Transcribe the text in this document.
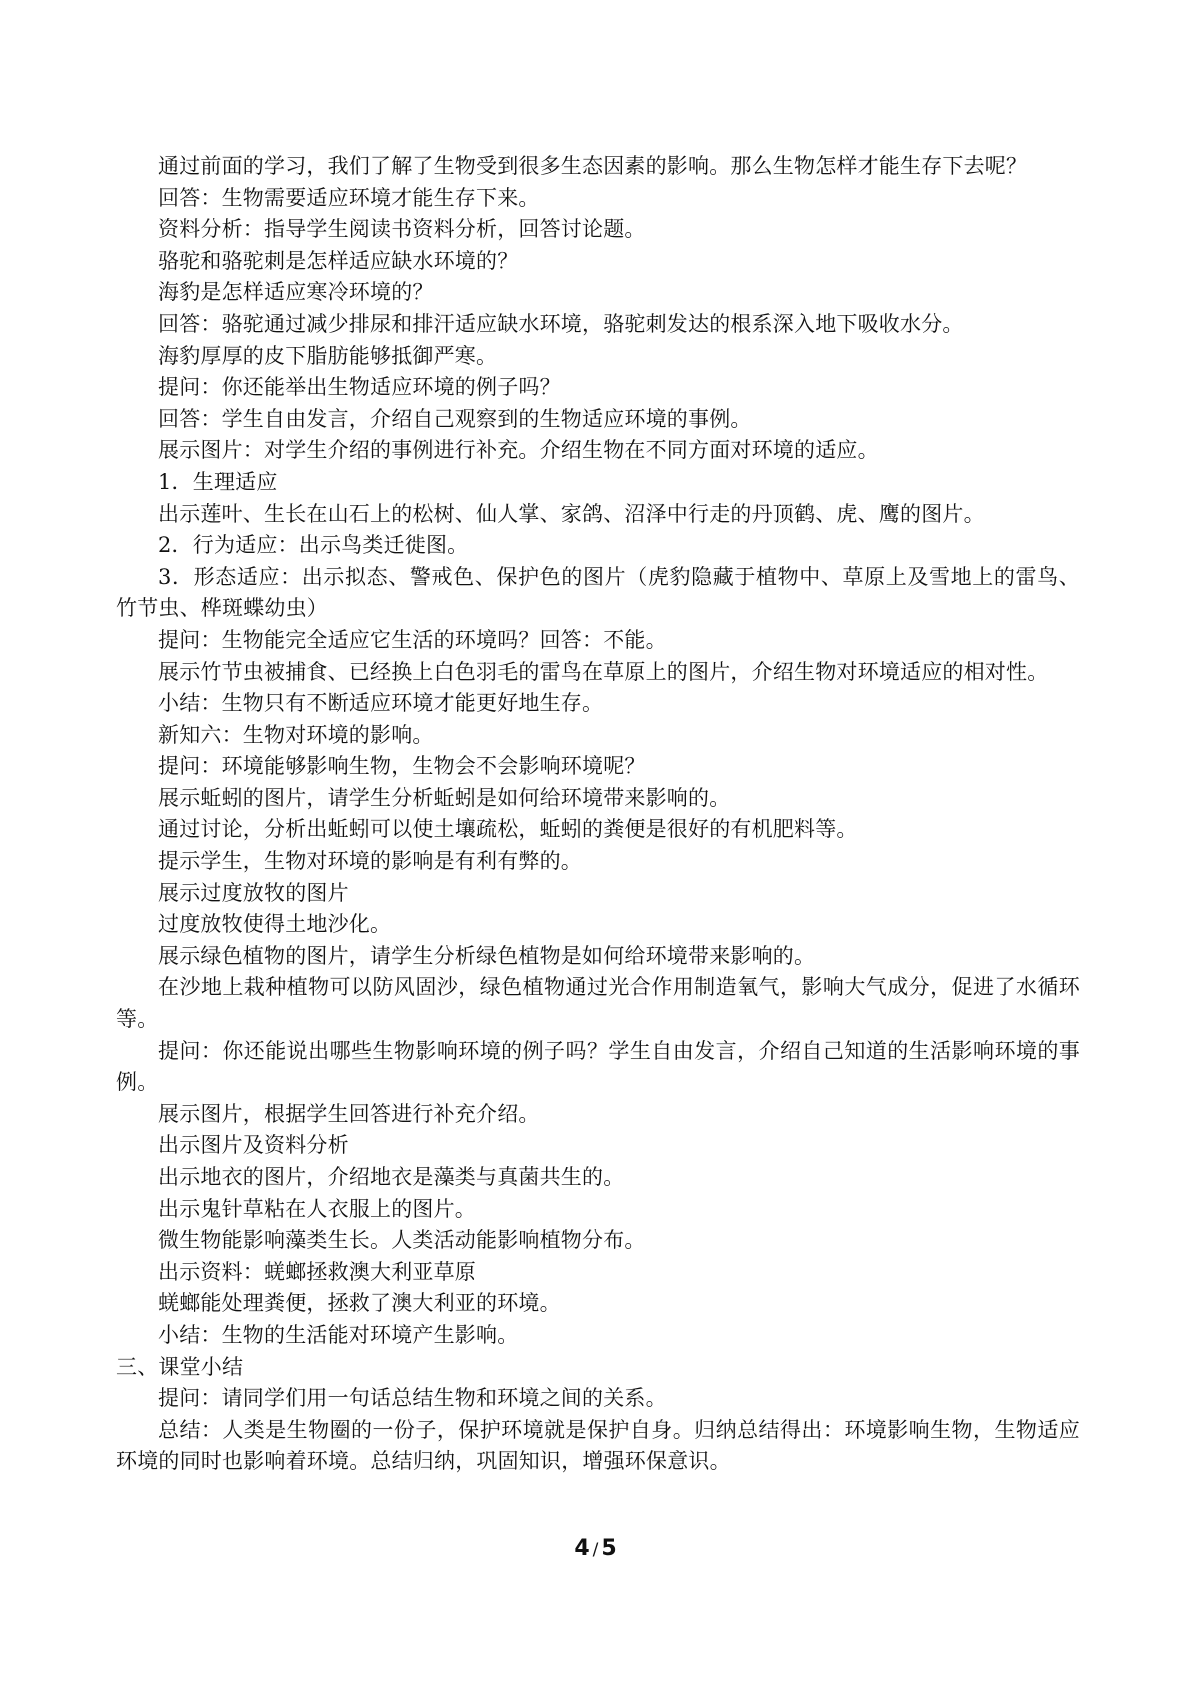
通过前面的学习，我们了解了生物受到很多生态因素的影响。那么生物怎样才能生存下去呢？

回答：生物需要适应环境才能生存下来。

资料分析：指导学生阅读书资料分析，回答讨论题。

骆驼和骆驼刺是怎样适应缺水环境的？

海豹是怎样适应寒冷环境的？

回答：骆驼通过减少排尿和排汗适应缺水环境，骆驼刺发达的根系深入地下吸收水分。

海豹厚厚的皮下脂肪能够抵御严寒。

提问：你还能举出生物适应环境的例子吗？

回答：学生自由发言，介绍自己观察到的生物适应环境的事例。

展示图片：对学生介绍的事例进行补充。介绍生物在不同方面对环境的适应。

1．生理适应

出示莲叶、生长在山石上的松树、仙人掌、家鸽、沼泽中行走的丹顶鹤、虎、鹰的图片。

2．行为适应：出示鸟类迁徙图。

3．形态适应：出示拟态、警戒色、保护色的图片（虎豹隐藏于植物中、草原上及雪地上的雷鸟、竹节虫、桦斑蝶幼虫）

提问：生物能完全适应它生活的环境吗？回答：不能。

展示竹节虫被捕食、已经换上白色羽毛的雷鸟在草原上的图片，介绍生物对环境适应的相对性。

小结：生物只有不断适应环境才能更好地生存。

新知六：生物对环境的影响。

提问：环境能够影响生物，生物会不会影响环境呢？

展示蚯蚓的图片，请学生分析蚯蚓是如何给环境带来影响的。

通过讨论，分析出蚯蚓可以使土壤疏松，蚯蚓的粪便是很好的有机肥料等。

提示学生，生物对环境的影响是有利有弊的。

展示过度放牧的图片

过度放牧使得土地沙化。

展示绿色植物的图片，请学生分析绿色植物是如何给环境带来影响的。

在沙地上栽种植物可以防风固沙，绿色植物通过光合作用制造氧气，影响大气成分，促进了水循环等。

提问：你还能说出哪些生物影响环境的例子吗？学生自由发言，介绍自己知道的生活影响环境的事例。

展示图片，根据学生回答进行补充介绍。

出示图片及资料分析

出示地衣的图片，介绍地衣是藻类与真菌共生的。

出示鬼针草粘在人衣服上的图片。

微生物能影响藻类生长。人类活动能影响植物分布。

出示资料：蜣螂拯救澳大利亚草原

蜣螂能处理粪便，拯救了澳大利亚的环境。

小结：生物的生活能对环境产生影响。

三、课堂小结

提问：请同学们用一句话总结生物和环境之间的关系。

总结：人类是生物圈的一份子，保护环境就是保护自身。归纳总结得出：环境影响生物，生物适应环境的同时也影响着环境。总结归纳，巩固知识，增强环保意识。

4 / 5
